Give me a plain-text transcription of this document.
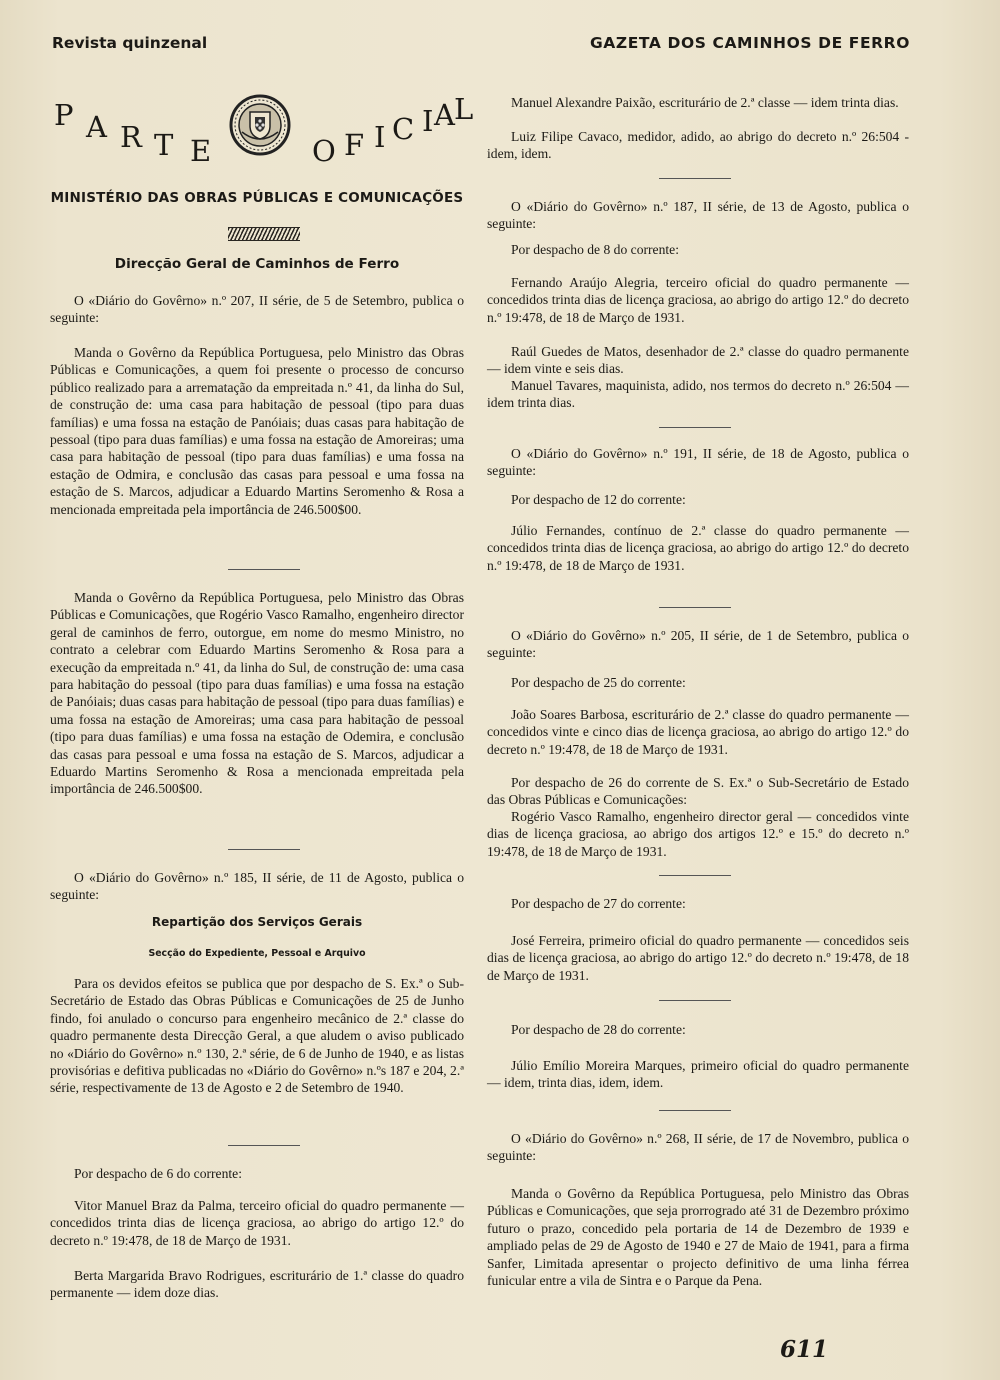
Revista quinzenal	GAZETA DOS CAMINHOS DE FERRO
P A R T E	O F I C I A L
MINISTÉRIO DAS OBRAS PÚBLICAS E COMUNICAÇÕES
Direcção Geral de Caminhos de Ferro

O «Diário do Govêrno» n.º 207, II série, de 5 de Setembro, publica o seguinte:

Manda o Govêrno da República Portuguesa, pelo Ministro das Obras Públicas e Comunicações, a quem foi presente o processo de concurso público realizado para a arrematação da empreitada n.º 41, da linha do Sul, de construção de: uma casa para habitação de pessoal (tipo para duas famílias) e uma fossa na estação de Panóiais; duas casas para habitação de pessoal (tipo para duas famílias) e uma fossa na estação de Amoreiras; uma casa para habitação de pessoal (tipo para duas famílias) e uma fossa na estação de Odmira, e conclusão das casas para pessoal e uma fossa na estação de S. Marcos, adjudicar a Eduardo Martins Seromenho & Rosa a mencionada empreitada pela importância de 246.500$00.

Manda o Govêrno da República Portuguesa, pelo Ministro das Obras Públicas e Comunicações, que Rogério Vasco Ramalho, engenheiro director geral de caminhos de ferro, outorgue, em nome do mesmo Ministro, no contrato a celebrar com Eduardo Martins Seromenho & Rosa para a execução da empreitada n.º 41, da linha do Sul, de construção de: uma casa para habitação do pessoal (tipo para duas famílias) e uma fossa na estação de Panóiais; duas casas para habitação de pessoal (tipo para duas famílias) e uma fossa na estação de Amoreiras; uma casa para habitação de pessoal (tipo para duas famílias) e uma fossa na estação de Odemira, e conclusão das casas para pessoal e uma fossa na estação de S. Marcos, adjudicar a Eduardo Martins Seromenho & Rosa a mencionada empreitada pela importância de 246.500$00.

O «Diário do Govêrno» n.º 185, II série, de 11 de Agosto, publica o seguinte:

Repartição dos Serviços Gerais
Secção do Expediente, Pessoal e Arquivo

Para os devidos efeitos se publica que por despacho de S. Ex.ª o Sub-Secretário de Estado das Obras Públicas e Comunicações de 25 de Junho findo, foi anulado o concurso para engenheiro mecânico de 2.ª classe do quadro permanente desta Direcção Geral, a que aludem o aviso publicado no «Diário do Govêrno» n.º 130, 2.ª série, de 6 de Junho de 1940, e as listas provisórias e defitiva publicadas no «Diário do Govêrno» n.ºs 187 e 204, 2.ª série, respectivamente de 13 de Agosto e 2 de Setembro de 1940.

Por despacho de 6 do corrente:

Vitor Manuel Braz da Palma, terceiro oficial do quadro permanente — concedidos trinta dias de licença graciosa, ao abrigo do artigo 12.º do decreto n.º 19:478, de 18 de Março de 1931.

Berta Margarida Bravo Rodrigues, escriturário de 1.ª classe do quadro permanente — idem doze dias.

Manuel Alexandre Paixão, escriturário de 2.ª classe — idem trinta dias.

Luiz Filipe Cavaco, medidor, adido, ao abrigo do decreto n.º 26:504 - idem, idem.

O «Diário do Govêrno» n.º 187, II série, de 13 de Agosto, publica o seguinte:

Por despacho de 8 do corrente:

Fernando Araújo Alegria, terceiro oficial do quadro permanente — concedidos trinta dias de licença graciosa, ao abrigo do artigo 12.º do decreto n.º 19:478, de 18 de Março de 1931.

Raúl Guedes de Matos, desenhador de 2.ª classe do quadro permanente — idem vinte e seis dias.

Manuel Tavares, maquinista, adido, nos termos do decreto n.º 26:504 — idem trinta dias.

O «Diário do Govêrno» n.º 191, II série, de 18 de Agosto, publica o seguinte:

Por despacho de 12 do corrente:

Júlio Fernandes, contínuo de 2.ª classe do quadro permanente — concedidos trinta dias de licença graciosa, ao abrigo do artigo 12.º do decreto n.º 19:478, de 18 de Março de 1931.

O «Diário do Govêrno» n.º 205, II série, de 1 de Setembro, publica o seguinte:

Por despacho de 25 do corrente:

João Soares Barbosa, escriturário de 2.ª classe do quadro permanente — concedidos vinte e cinco dias de licença graciosa, ao abrigo do artigo 12.º do decreto n.º 19:478, de 18 de Março de 1931.

Por despacho de 26 do corrente de S. Ex.ª o Sub-Secretário de Estado das Obras Públicas e Comunicações:

Rogério Vasco Ramalho, engenheiro director geral — concedidos vinte dias de licença graciosa, ao abrigo dos artigos 12.º e 15.º do decreto n.º 19:478, de 18 de Março de 1931.

Por despacho de 27 do corrente:

José Ferreira, primeiro oficial do quadro permanente — concedidos seis dias de licença graciosa, ao abrigo do artigo 12.º do decreto n.º 19:478, de 18 de Março de 1931.

Por despacho de 28 do corrente:

Júlio Emílio Moreira Marques, primeiro oficial do quadro permanente — idem, trinta dias, idem, idem.

O «Diário do Govêrno» n.º 268, II série, de 17 de Novembro, publica o seguinte:

Manda o Govêrno da República Portuguesa, pelo Ministro das Obras Públicas e Comunicações, que seja prorrogrado até 31 de Dezembro próximo futuro o prazo, concedido pela portaria de 14 de Dezembro de 1939 e ampliado pelas de 29 de Agosto de 1940 e 27 de Maio de 1941, para a firma Sanfer, Limitada apresentar o projecto definitivo de uma linha férrea funicular entre a vila de Sintra e o Parque da Pena.

611
